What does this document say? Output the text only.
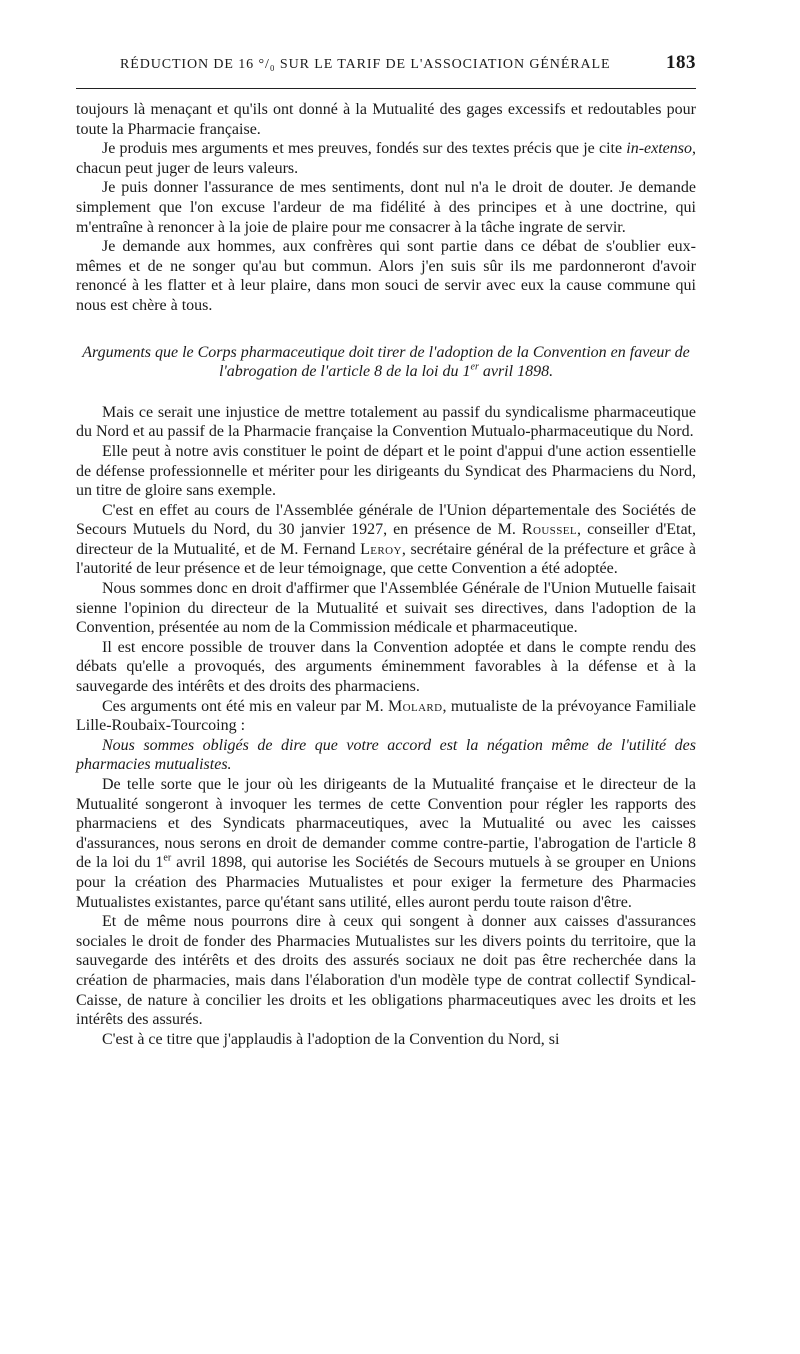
RÉDUCTION DE 16 °/₀ SUR LE TARIF DE L'ASSOCIATION GÉNÉRALE	183

toujours là menaçant et qu'ils ont donné à la Mutualité des gages excessifs et redoutables pour toute la Pharmacie française.

Je produis mes arguments et mes preuves, fondés sur des textes précis que je cite in-extenso, chacun peut juger de leurs valeurs.

Je puis donner l'assurance de mes sentiments, dont nul n'a le droit de douter. Je demande simplement que l'on excuse l'ardeur de ma fidélité à des principes et à une doctrine, qui m'entraîne à renoncer à la joie de plaire pour me consacrer à la tâche ingrate de servir.

Je demande aux hommes, aux confrères qui sont partie dans ce débat de s'oublier eux-mêmes et de ne songer qu'au but commun. Alors j'en suis sûr ils me pardonneront d'avoir renoncé à les flatter et à leur plaire, dans mon souci de servir avec eux la cause commune qui nous est chère à tous.

Arguments que le Corps pharmaceutique doit tirer de l'adoption de la Convention en faveur de l'abrogation de l'article 8 de la loi du 1er avril 1898.

Mais ce serait une injustice de mettre totalement au passif du syndicalisme pharmaceutique du Nord et au passif de la Pharmacie française la Convention Mutualo-pharmaceutique du Nord.

Elle peut à notre avis constituer le point de départ et le point d'appui d'une action essentielle de défense professionnelle et mériter pour les dirigeants du Syndicat des Pharmaciens du Nord, un titre de gloire sans exemple.

C'est en effet au cours de l'Assemblée générale de l'Union départementale des Sociétés de Secours Mutuels du Nord, du 30 janvier 1927, en présence de M. Roussel, conseiller d'Etat, directeur de la Mutualité, et de M. Fernand Leroy, secrétaire général de la préfecture et grâce à l'autorité de leur présence et de leur témoignage, que cette Convention a été adoptée.

Nous sommes donc en droit d'affirmer que l'Assemblée Générale de l'Union Mutuelle faisait sienne l'opinion du directeur de la Mutualité et suivait ses directives, dans l'adoption de la Convention, présentée au nom de la Commission médicale et pharmaceutique.

Il est encore possible de trouver dans la Convention adoptée et dans le compte rendu des débats qu'elle a provoqués, des arguments éminemment favorables à la défense et à la sauvegarde des intérêts et des droits des pharmaciens.

Ces arguments ont été mis en valeur par M. Molard, mutualiste de la prévoyance Familiale Lille-Roubaix-Tourcoing :

Nous sommes obligés de dire que votre accord est la négation même de l'utilité des pharmacies mutualistes.

De telle sorte que le jour où les dirigeants de la Mutualité française et le directeur de la Mutualité songeront à invoquer les termes de cette Convention pour régler les rapports des pharmaciens et des Syndicats pharmaceutiques, avec la Mutualité ou avec les caisses d'assurances, nous serons en droit de demander comme contre-partie, l'abrogation de l'article 8 de la loi du 1er avril 1898, qui autorise les Sociétés de Secours mutuels à se grouper en Unions pour la création des Pharmacies Mutualistes et pour exiger la fermeture des Pharmacies Mutualistes existantes, parce qu'étant sans utilité, elles auront perdu toute raison d'être.

Et de même nous pourrons dire à ceux qui songent à donner aux caisses d'assurances sociales le droit de fonder des Pharmacies Mutualistes sur les divers points du territoire, que la sauvegarde des intérêts et des droits des assurés sociaux ne doit pas être recherchée dans la création de pharmacies, mais dans l'élaboration d'un modèle type de contrat collectif Syndical-Caisse, de nature à concilier les droits et les obligations pharmaceutiques avec les droits et les intérêts des assurés.

C'est à ce titre que j'applaudis à l'adoption de la Convention du Nord, si
